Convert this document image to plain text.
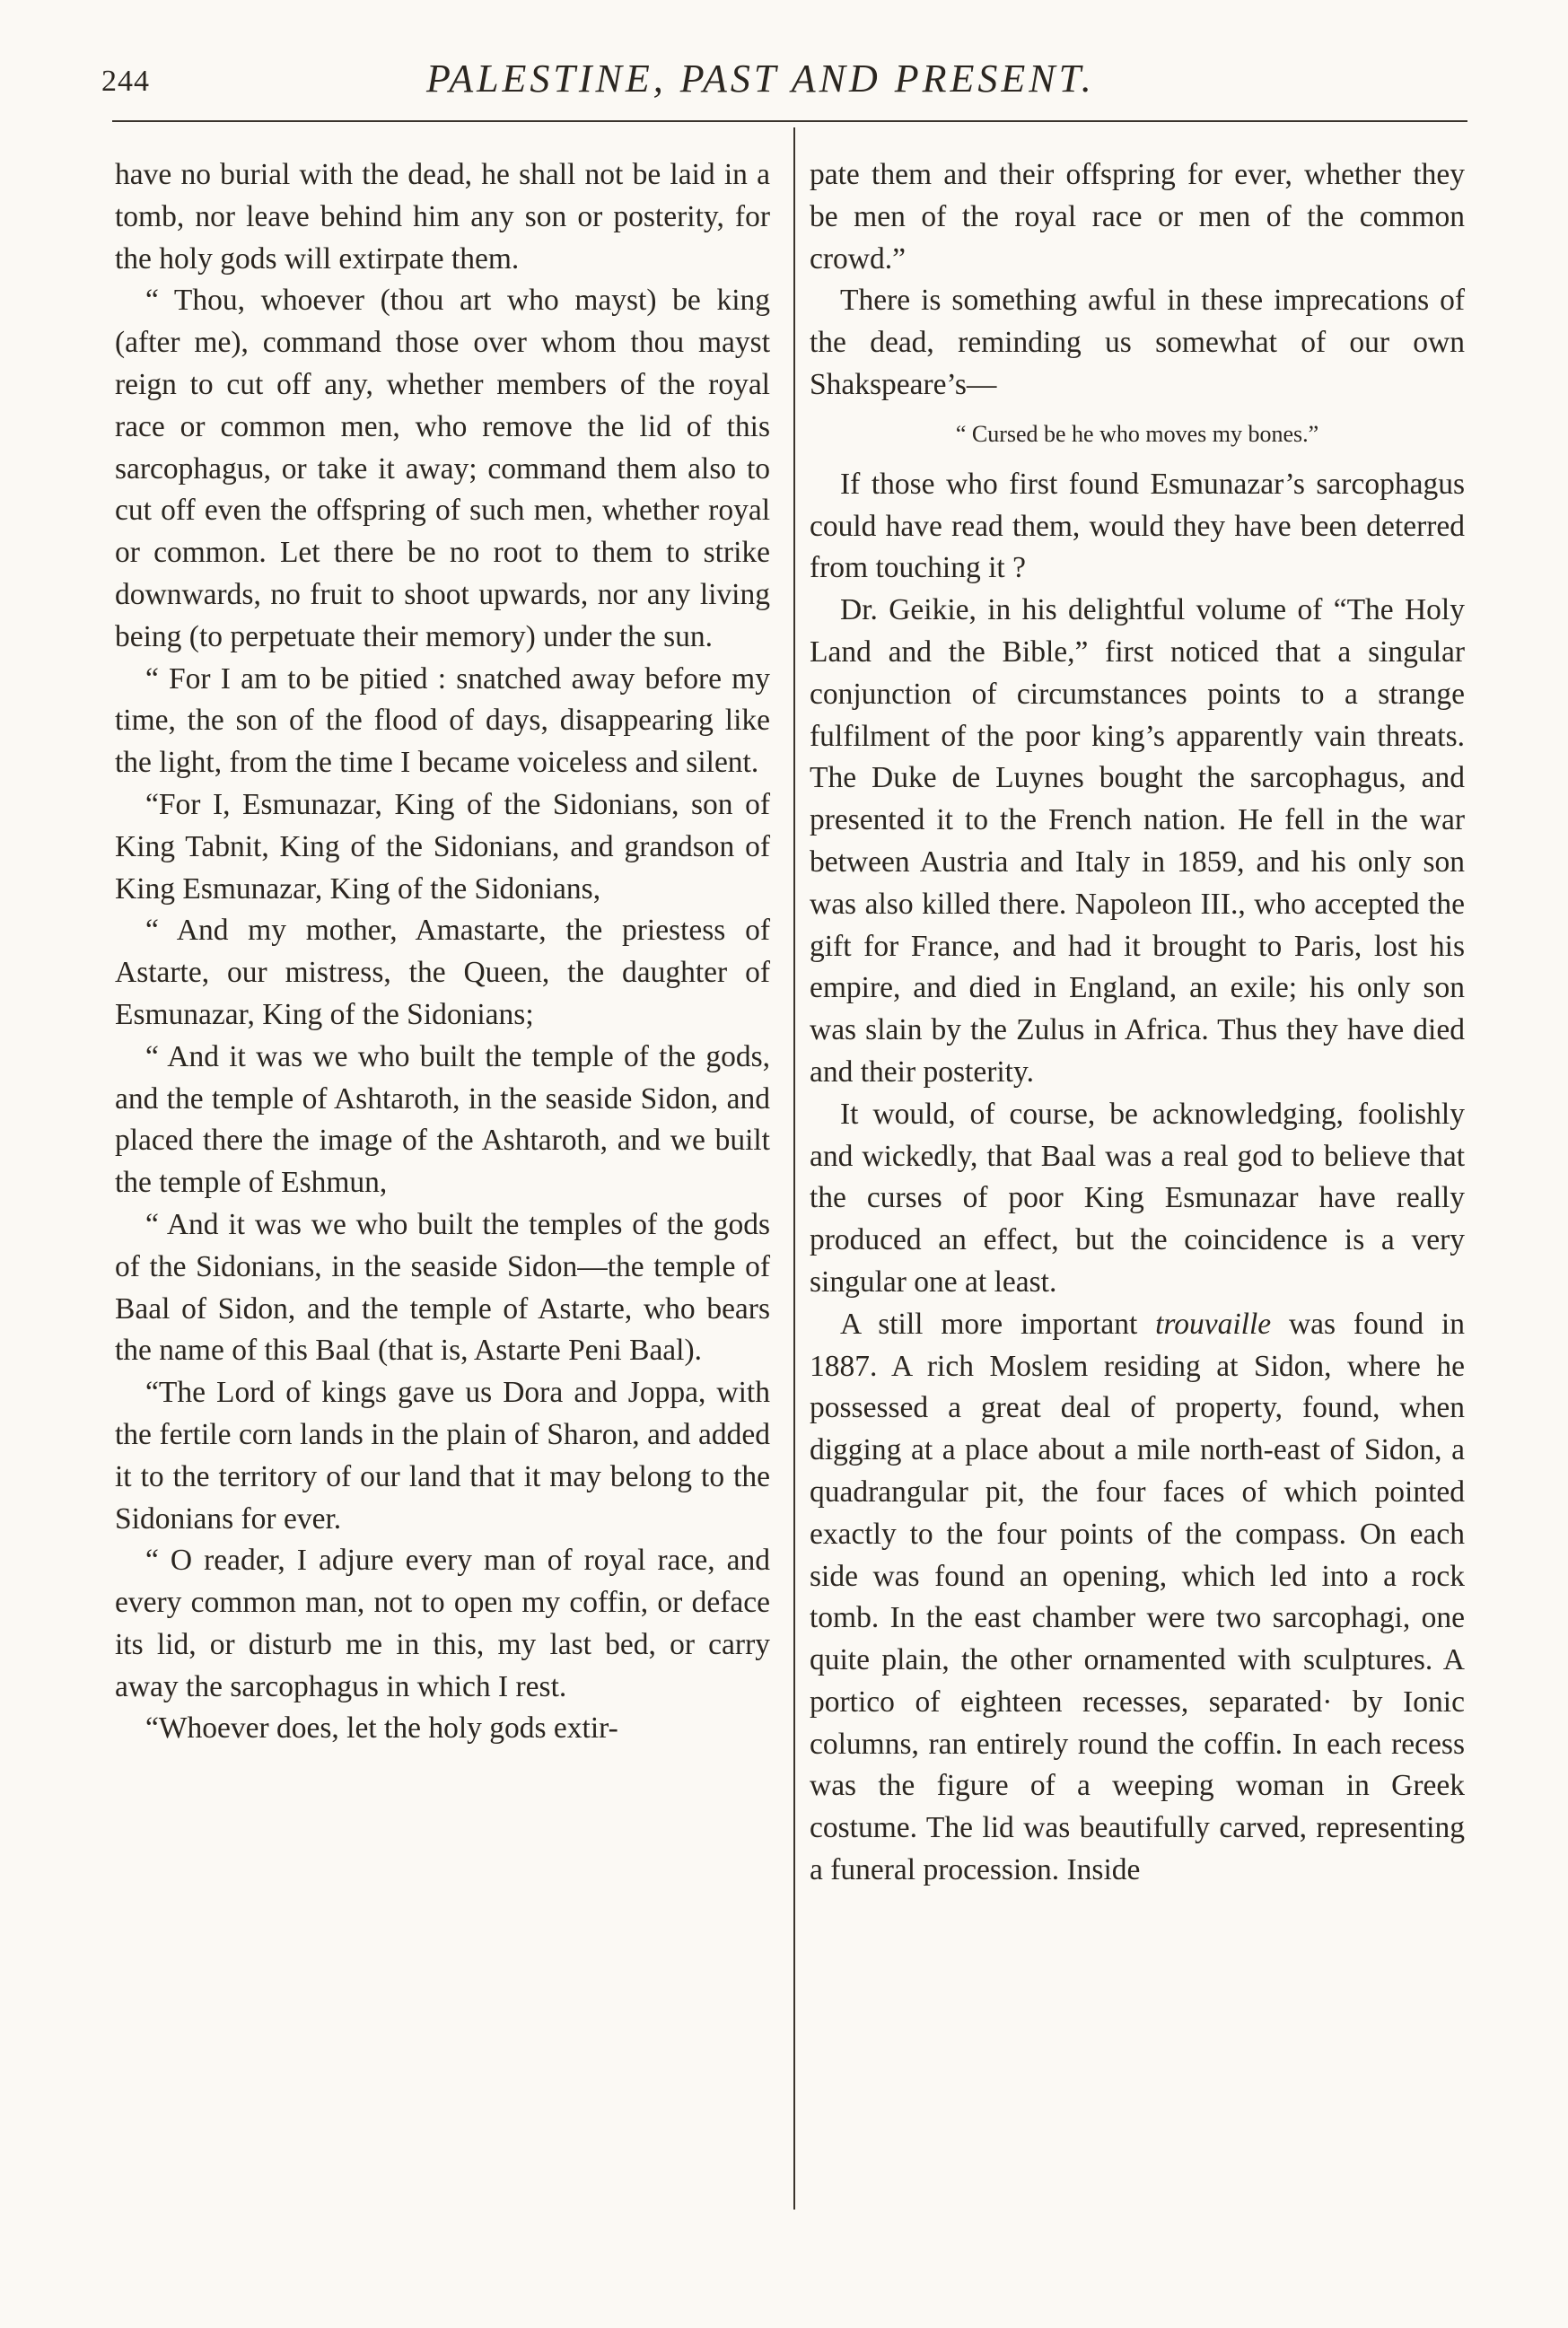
244	PALESTINE, PAST AND PRESENT.

have no burial with the dead, he shall not be laid in a tomb, nor leave behind him any son or posterity, for the holy gods will extirpate them.

“ Thou, whoever (thou art who mayst) be king (after me), command those over whom thou mayst reign to cut off any, whether members of the royal race or common men, who remove the lid of this sarcophagus, or take it away; command them also to cut off even the offspring of such men, whether royal or common. Let there be no root to them to strike downwards, no fruit to shoot upwards, nor any living being (to perpetuate their memory) under the sun.

“ For I am to be pitied : snatched away before my time, the son of the flood of days, disappearing like the light, from the time I became voiceless and silent.

“For I, Esmunazar, King of the Sidonians, son of King Tabnit, King of the Sidonians, and grandson of King Esmunazar, King of the Sidonians,

“ And my mother, Amastarte, the priestess of Astarte, our mistress, the Queen, the daughter of Esmunazar, King of the Sidonians;

“ And it was we who built the temple of the gods, and the temple of Ashtaroth, in the seaside Sidon, and placed there the image of the Ashtaroth, and we built the temple of Eshmun,

“ And it was we who built the temples of the gods of the Sidonians, in the seaside Sidon—the temple of Baal of Sidon, and the temple of Astarte, who bears the name of this Baal (that is, Astarte Peni Baal).

“The Lord of kings gave us Dora and Joppa, with the fertile corn lands in the plain of Sharon, and added it to the territory of our land that it may belong to the Sidonians for ever.

“ O reader, I adjure every man of royal race, and every common man, not to open my coffin, or deface its lid, or disturb me in this, my last bed, or carry away the sarcophagus in which I rest.

“Whoever does, let the holy gods extir-

pate them and their offspring for ever, whether they be men of the royal race or men of the common crowd.”

There is something awful in these imprecations of the dead, reminding us somewhat of our own Shakspeare’s—

“ Cursed be he who moves my bones.”

If those who first found Esmunazar’s sarcophagus could have read them, would they have been deterred from touching it ?

Dr. Geikie, in his delightful volume of “The Holy Land and the Bible,” first noticed that a singular conjunction of circumstances points to a strange fulfilment of the poor king’s apparently vain threats. The Duke de Luynes bought the sarcophagus, and presented it to the French nation. He fell in the war between Austria and Italy in 1859, and his only son was also killed there. Napoleon III., who accepted the gift for France, and had it brought to Paris, lost his empire, and died in England, an exile; his only son was slain by the Zulus in Africa. Thus they have died and their posterity.

It would, of course, be acknowledging, foolishly and wickedly, that Baal was a real god to believe that the curses of poor King Esmunazar have really produced an effect, but the coincidence is a very singular one at least.

A still more important trouvaille was found in 1887. A rich Moslem residing at Sidon, where he possessed a great deal of property, found, when digging at a place about a mile north-east of Sidon, a quadrangular pit, the four faces of which pointed exactly to the four points of the compass. On each side was found an opening, which led into a rock tomb. In the east chamber were two sarcophagi, one quite plain, the other ornamented with sculptures. A portico of eighteen recesses, separated· by Ionic columns, ran entirely round the coffin. In each recess was the figure of a weeping woman in Greek costume. The lid was beautifully carved, representing a funeral procession. Inside
